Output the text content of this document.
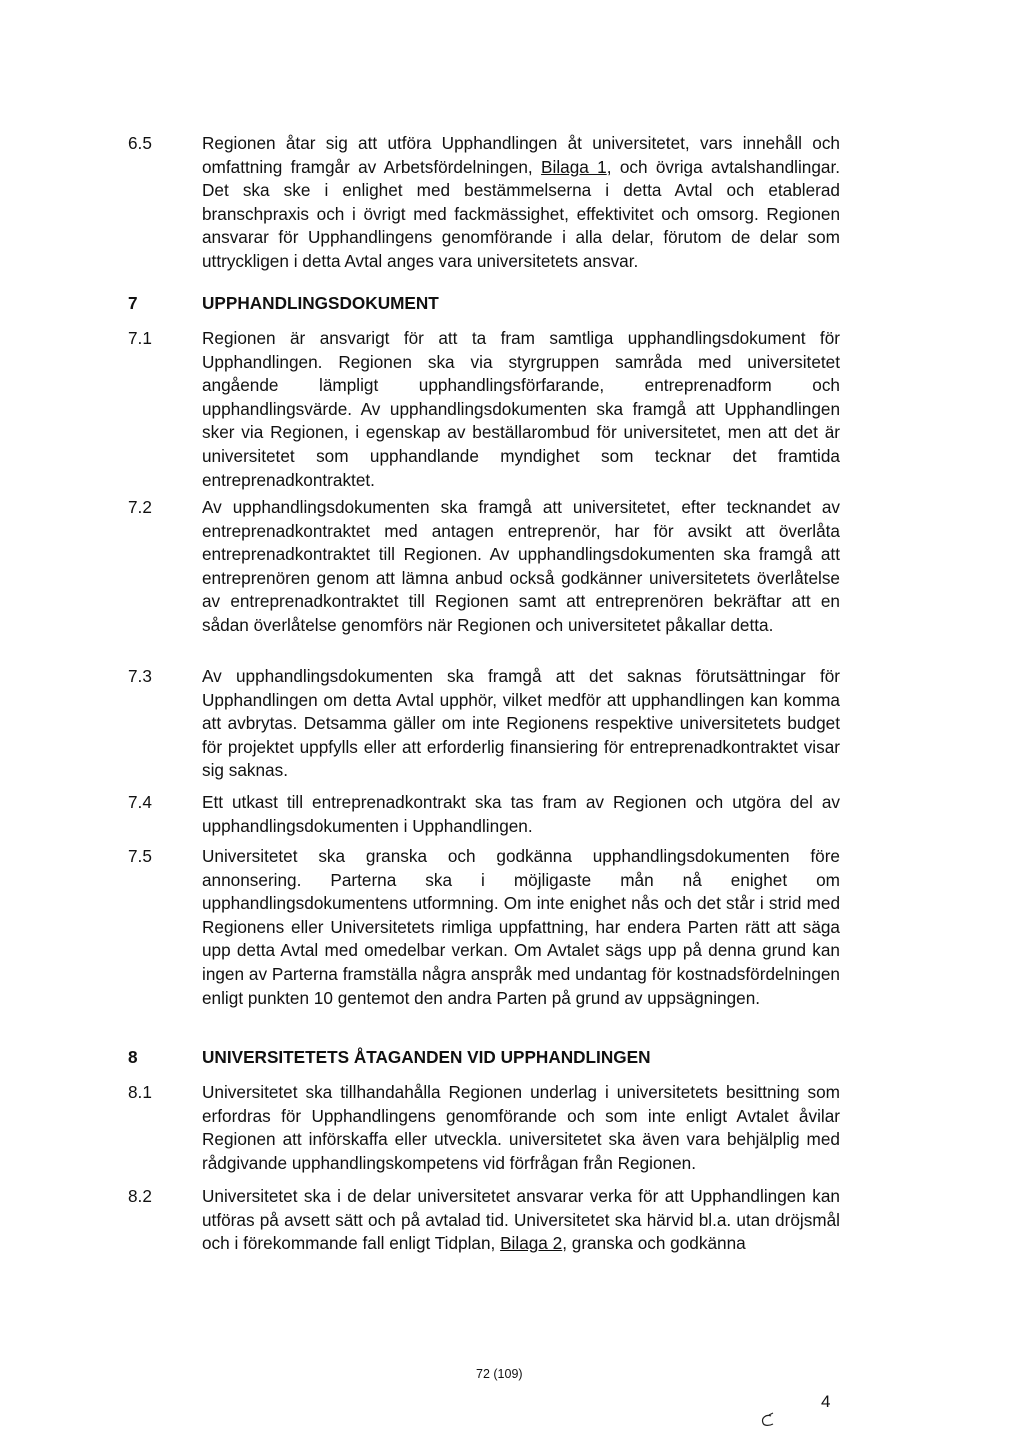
6.5	Regionen åtar sig att utföra Upphandlingen åt universitetet, vars innehåll och omfattning framgår av Arbetsfördelningen, Bilaga 1, och övriga avtalshandlingar. Det ska ske i enlighet med bestämmelserna i detta Avtal och etablerad branschpraxis och i övrigt med fackmässighet, effektivitet och omsorg. Regionen ansvarar för Upphandlingens genomförande i alla delar, förutom de delar som uttryckligen i detta Avtal anges vara universitetets ansvar.
7	UPPHANDLINGSDOKUMENT
7.1	Regionen är ansvarigt för att ta fram samtliga upphandlingsdokument för Upphandlingen. Regionen ska via styrgruppen samråda med universitetet angående lämpligt upphandlingsförfarande, entreprenadform och upphandlingsvärde. Av upphandlingsdokumenten ska framgå att Upphandlingen sker via Regionen, i egenskap av beställarombud för universitetet, men att det är universitetet som upphandlande myndighet som tecknar det framtida entreprenadkontraktet.
7.2	Av upphandlingsdokumenten ska framgå att universitetet, efter tecknandet av entreprenadkontraktet med antagen entreprenör, har för avsikt att överlåta entreprenadkontraktet till Regionen. Av upphandlingsdokumenten ska framgå att entreprenören genom att lämna anbud också godkänner universitetets överlåtelse av entreprenadkontraktet till Regionen samt att entreprenören bekräftar att en sådan överlåtelse genomförs när Regionen och universitetet påkallar detta.
7.3	Av upphandlingsdokumenten ska framgå att det saknas förutsättningar för Upphandlingen om detta Avtal upphör, vilket medför att upphandlingen kan komma att avbrytas. Detsamma gäller om inte Regionens respektive universitetets budget för projektet uppfylls eller att erforderlig finansiering för entreprenadkontraktet visar sig saknas.
7.4	Ett utkast till entreprenadkontrakt ska tas fram av Regionen och utgöra del av upphandlingsdokumenten i Upphandlingen.
7.5	Universitetet ska granska och godkänna upphandlingsdokumenten före annonsering. Parterna ska i möjligaste mån nå enighet om upphandlingsdokumentens utformning. Om inte enighet nås och det står i strid med Regionens eller Universitetets rimliga uppfattning, har endera Parten rätt att säga upp detta Avtal med omedelbar verkan. Om Avtalet sägs upp på denna grund kan ingen av Parterna framställa några anspråk med undantag för kostnadsfördelningen enligt punkten 10 gentemot den andra Parten på grund av uppsägningen.
8	UNIVERSITETETS ÅTAGANDEN VID UPPHANDLINGEN
8.1	Universitetet ska tillhandahålla Regionen underlag i universitetets besittning som erfordras för Upphandlingens genomförande och som inte enligt Avtalet åvilar Regionen att införskaffa eller utveckla. universitetet ska även vara behjälplig med rådgivande upphandlingskompetens vid förfrågan från Regionen.
8.2	Universitetet ska i de delar universitetet ansvarar verka för att Upphandlingen kan utföras på avsett sätt och på avtalad tid. Universitetet ska härvid bl.a. utan dröjsmål och i förekommande fall enligt Tidplan, Bilaga 2, granska och godkänna
72 (109)
4
